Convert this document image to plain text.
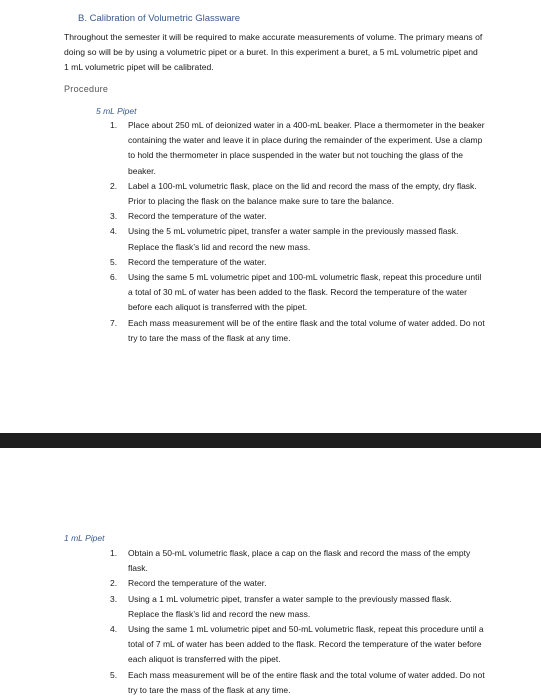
B. Calibration of Volumetric Glassware

Throughout the semester it will be required to make accurate measurements of volume. The primary means of doing so will be by using a volumetric pipet or a buret. In this experiment a buret, a 5 mL volumetric pipet and 1 mL volumetric pipet will be calibrated.

Procedure
5 mL Pipet
1. Place about 250 mL of deionized water in a 400-mL beaker. Place a thermometer in the beaker containing the water and leave it in place during the remainder of the experiment. Use a clamp to hold the thermometer in place suspended in the water but not touching the glass of the beaker.
2. Label a 100-mL volumetric flask, place on the lid and record the mass of the empty, dry flask. Prior to placing the flask on the balance make sure to tare the balance.
3. Record the temperature of the water.
4. Using the 5 mL volumetric pipet, transfer a water sample in the previously massed flask. Replace the flask’s lid and record the new mass.
5. Record the temperature of the water.
6. Using the same 5 mL volumetric pipet and 100-mL volumetric flask, repeat this procedure until a total of 30 mL of water has been added to the flask. Record the temperature of the water before each aliquot is transferred with the pipet.
7. Each mass measurement will be of the entire flask and the total volume of water added. Do not try to tare the mass of the flask at any time.
1 mL Pipet
1. Obtain a 50-mL volumetric flask, place a cap on the flask and record the mass of the empty flask.
2. Record the temperature of the water.
3. Using a 1 mL volumetric pipet, transfer a water sample to the previously massed flask. Replace the flask’s lid and record the new mass.
4. Using the same 1 mL volumetric pipet and 50-mL volumetric flask, repeat this procedure until a total of 7 mL of water has been added to the flask. Record the temperature of the water before each aliquot is transferred with the pipet.
5. Each mass measurement will be of the entire flask and the total volume of water added. Do not try to tare the mass of the flask at any time.
